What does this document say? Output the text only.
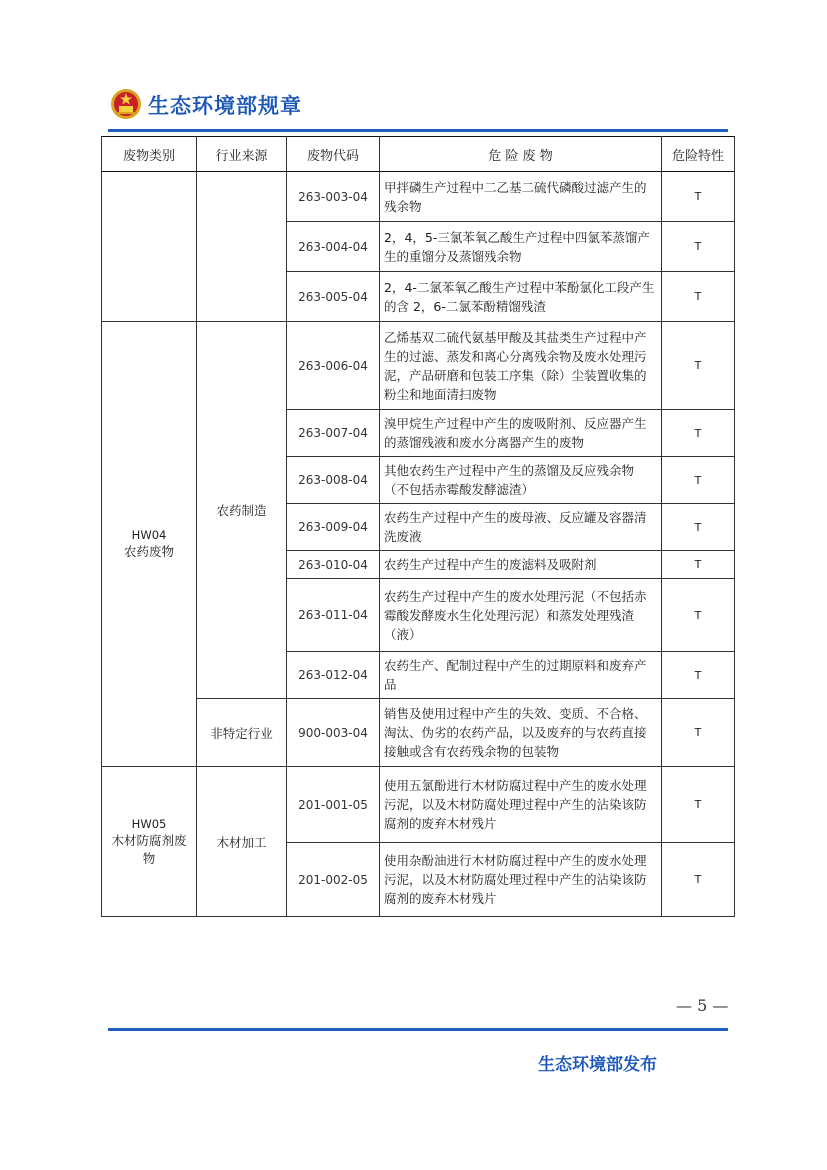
生态环境部规章
废物类别	行业来源	废物代码	危 险 废 物	危险特性
		263-003-04	甲拌磷生产过程中二乙基二硫代磷酸过滤产生的残余物	T
		263-004-04	2，4，5-三氯苯氧乙酸生产过程中四氯苯蒸馏产生的重馏分及蒸馏残余物	T
		263-005-04	2，4-二氯苯氧乙酸生产过程中苯酚氯化工段产生的含 2，6-二氯苯酚精馏残渣	T

HW04
农药废物	农药制造	263-006-04	乙烯基双二硫代氨基甲酸及其盐类生产过程中产生的过滤、蒸发和离心分离残余物及废水处理污泥，产品研磨和包装工序集（除）尘装置收集的粉尘和地面清扫废物	T
		263-007-04	溴甲烷生产过程中产生的废吸附剂、反应器产生的蒸馏残液和废水分离器产生的废物	T
		263-008-04	其他农药生产过程中产生的蒸馏及反应残余物（不包括赤霉酸发酵滤渣）	T
		263-009-04	农药生产过程中产生的废母液、反应罐及容器清洗废液	T
		263-010-04	农药生产过程中产生的废滤料及吸附剂	T
		263-011-04	农药生产过程中产生的废水处理污泥（不包括赤霉酸发酵废水生化处理污泥）和蒸发处理残渣（液）	T
		263-012-04	农药生产、配制过程中产生的过期原料和废弃产品	T
	非特定行业	900-003-04	销售及使用过程中产生的失效、变质、不合格、淘汰、伪劣的农药产品，以及废弃的与农药直接接触或含有农药残余物的包装物	T

HW05
木材防腐剂废物	木材加工	201-001-05	使用五氯酚进行木材防腐过程中产生的废水处理污泥，以及木材防腐处理过程中产生的沾染该防腐剂的废弃木材残片	T
		201-002-05	使用杂酚油进行木材防腐过程中产生的废水处理污泥，以及木材防腐处理过程中产生的沾染该防腐剂的废弃木材残片	T
— 5 —
生态环境部发布
